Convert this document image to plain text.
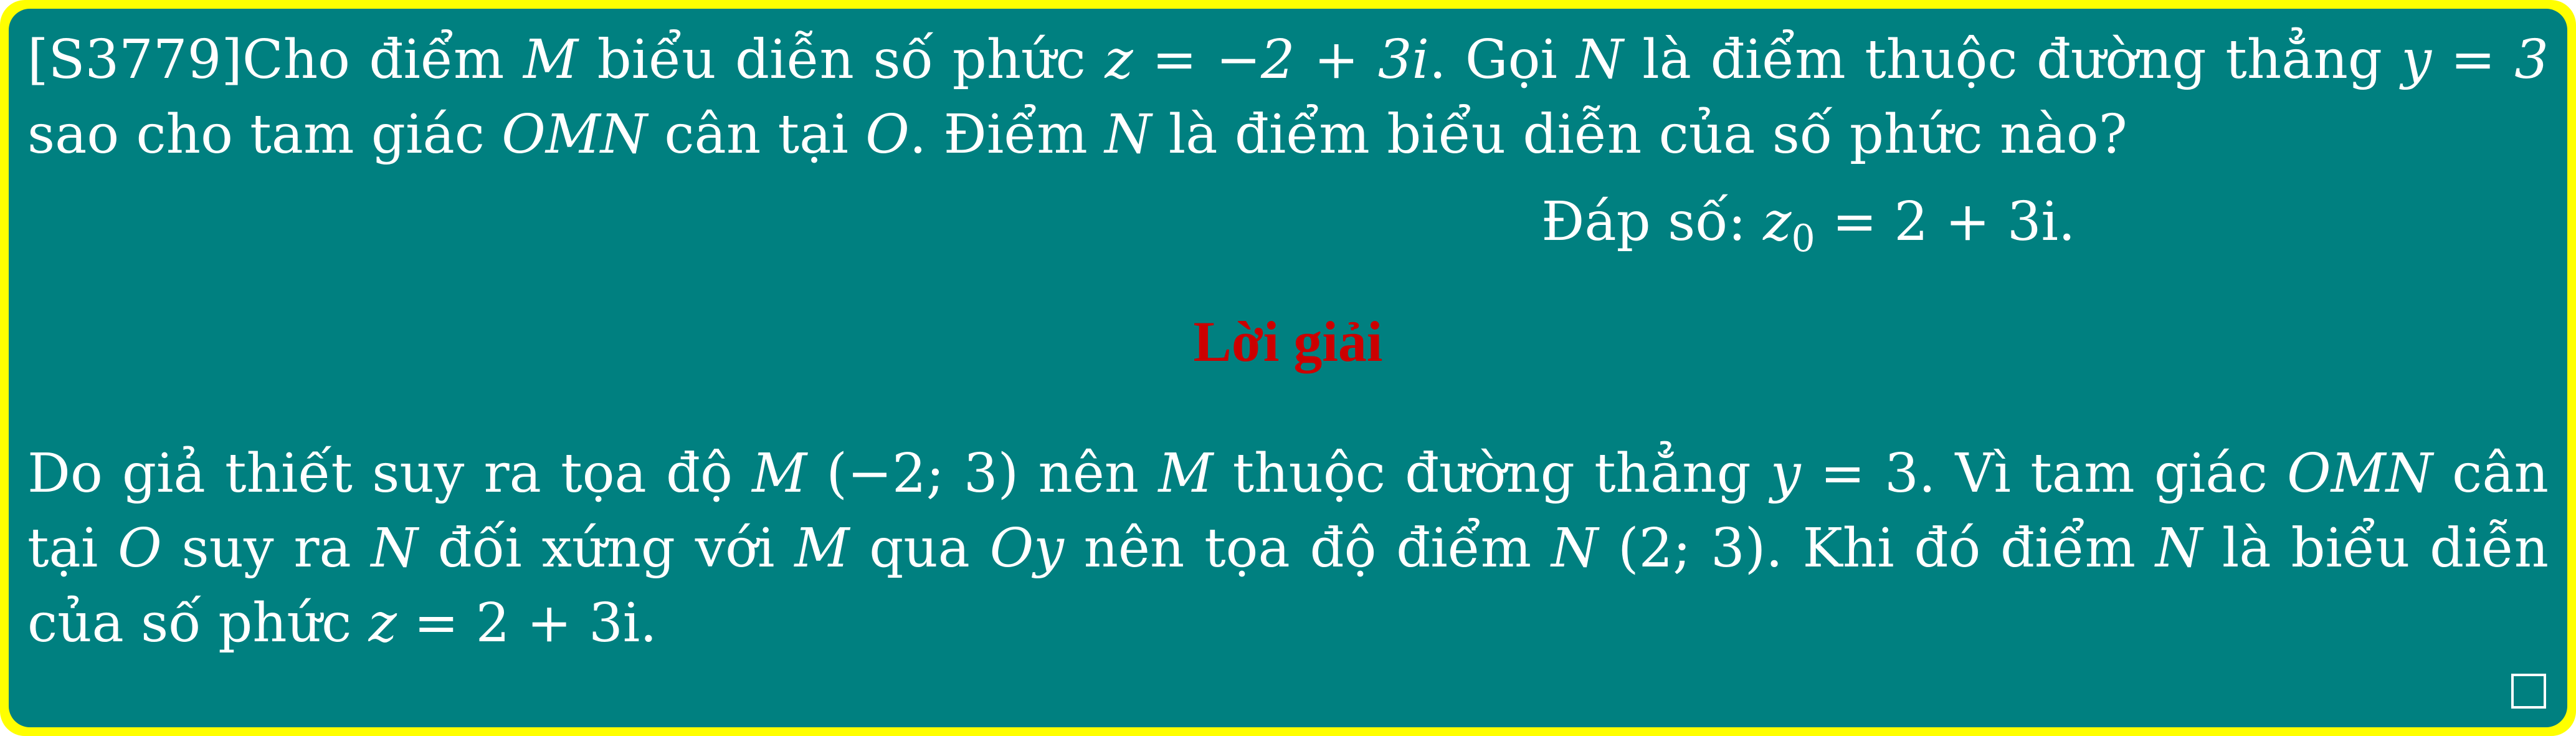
[S3779]Cho điểm M biểu diễn số phức z = −2 + 3i. Gọi N là điểm thuộc đường thẳng y = 3 sao cho tam giác OMN cân tại O. Điểm N là điểm biểu diễn của số phức nào?

Đáp số: $z_0 = 2 + 3i$.
Lời giải

Do giả thiết suy ra tọa độ M (−2; 3) nên M thuộc đường thẳng y = 3. Vì tam giác OMN cân tại O suy ra N đối xứng với M qua Oy nên tọa độ điểm N (2; 3). Khi đó điểm N là biểu diễn của số phức z = 2 + 3i.
